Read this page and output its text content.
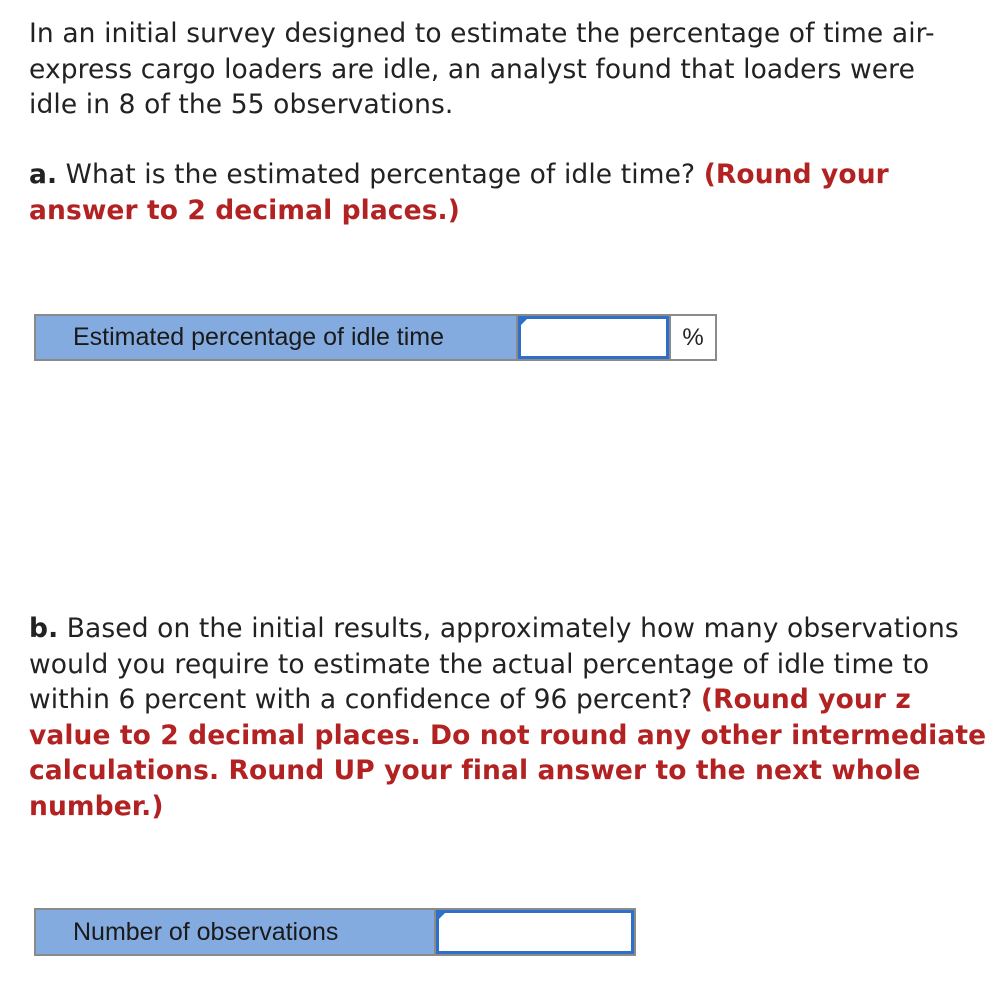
In an initial survey designed to estimate the percentage of time air-express cargo loaders are idle, an analyst found that loaders were idle in 8 of the 55 observations.

a. What is the estimated percentage of idle time? (Round your answer to 2 decimal places.)

Estimated percentage of idle time	%

b. Based on the initial results, approximately how many observations would you require to estimate the actual percentage of idle time to within 6 percent with a confidence of 96 percent? (Round your z value to 2 decimal places. Do not round any other intermediate calculations. Round UP your final answer to the next whole number.)

Number of observations
